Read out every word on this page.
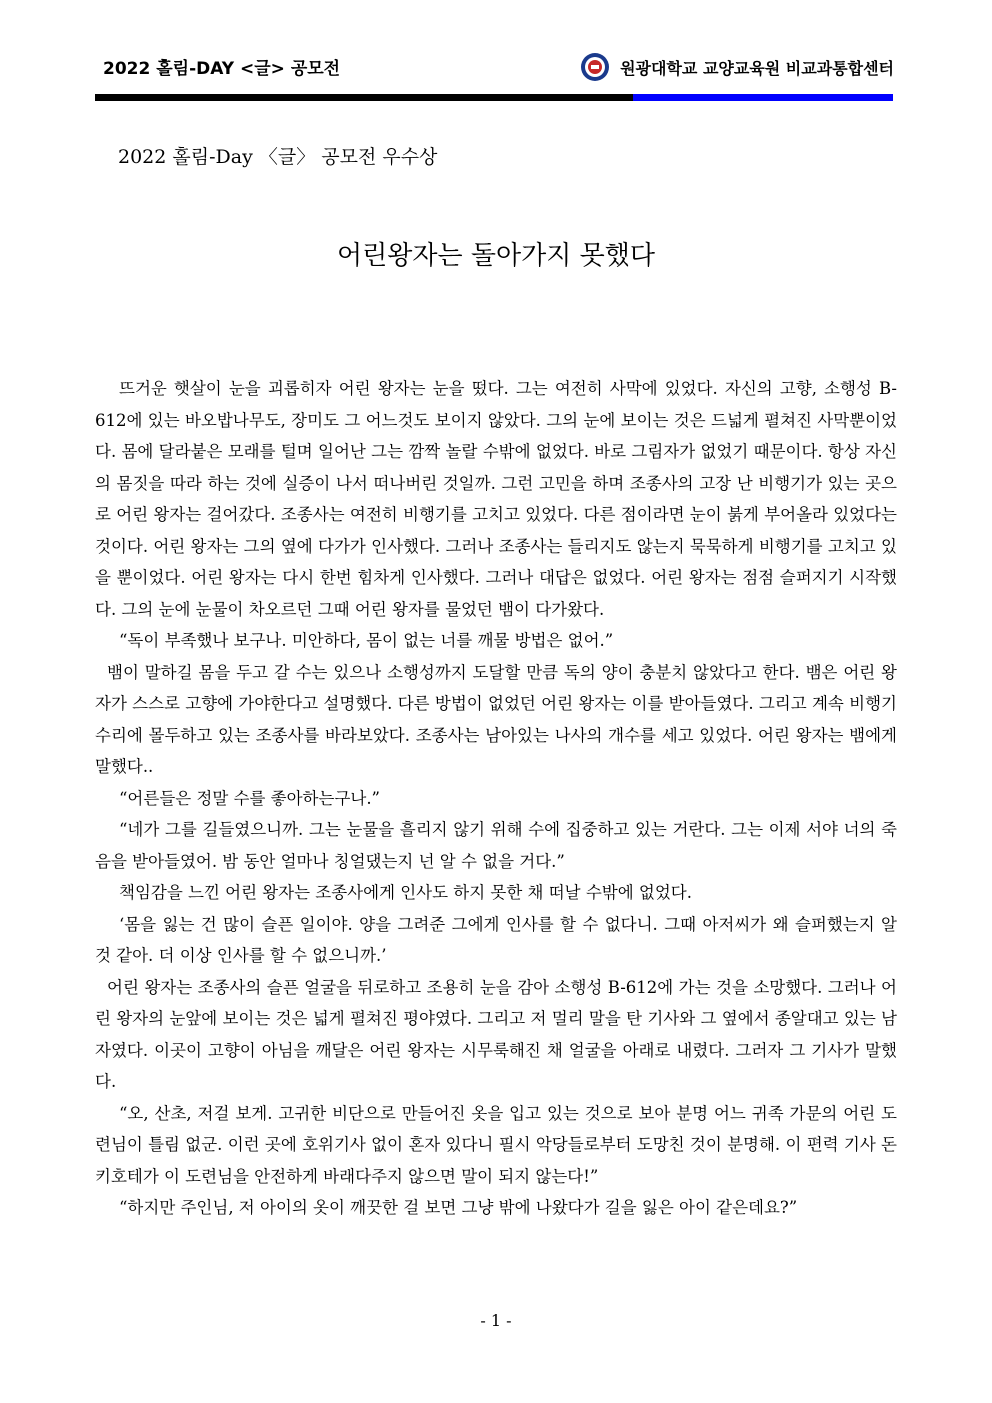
2022 홀림-DAY <글> 공모전	원광대학교 교양교육원 비교과통합센터
2022 홀림-Day 〈글〉 공모전 우수상
어린왕자는 돌아가지 못했다

뜨거운 햇살이 눈을 괴롭히자 어린 왕자는 눈을 떴다. 그는 여전히 사막에 있었다. 자신의 고향, 소행성 B-612에 있는 바오밥나무도, 장미도 그 어느것도 보이지 않았다. 그의 눈에 보이는 것은 드넓게 펼쳐진 사막뿐이었다. 몸에 달라붙은 모래를 털며 일어난 그는 깜짝 놀랄 수밖에 없었다. 바로 그림자가 없었기 때문이다. 항상 자신의 몸짓을 따라 하는 것에 실증이 나서 떠나버린 것일까. 그런 고민을 하며 조종사의 고장 난 비행기가 있는 곳으로 어린 왕자는 걸어갔다. 조종사는 여전히 비행기를 고치고 있었다. 다른 점이라면 눈이 붉게 부어올라 있었다는 것이다. 어린 왕자는 그의 옆에 다가가 인사했다. 그러나 조종사는 들리지도 않는지 묵묵하게 비행기를 고치고 있을 뿐이었다. 어린 왕자는 다시 한번 힘차게 인사했다. 그러나 대답은 없었다. 어린 왕자는 점점 슬퍼지기 시작했다. 그의 눈에 눈물이 차오르던 그때 어린 왕자를 물었던 뱀이 다가왔다.

“독이 부족했나 보구나. 미안하다, 몸이 없는 너를 깨물 방법은 없어.”

뱀이 말하길 몸을 두고 갈 수는 있으나 소행성까지 도달할 만큼 독의 양이 충분치 않았다고 한다. 뱀은 어린 왕자가 스스로 고향에 가야한다고 설명했다. 다른 방법이 없었던 어린 왕자는 이를 받아들였다. 그리고 계속 비행기 수리에 몰두하고 있는 조종사를 바라보았다. 조종사는 남아있는 나사의 개수를 세고 있었다. 어린 왕자는 뱀에게 말했다..

“어른들은 정말 수를 좋아하는구나.”

“네가 그를 길들였으니까. 그는 눈물을 흘리지 않기 위해 수에 집중하고 있는 거란다. 그는 이제 서야 너의 죽음을 받아들였어. 밤 동안 얼마나 칭얼댔는지 넌 알 수 없을 거다.”

책임감을 느낀 어린 왕자는 조종사에게 인사도 하지 못한 채 떠날 수밖에 없었다.

‘몸을 잃는 건 많이 슬픈 일이야. 양을 그려준 그에게 인사를 할 수 없다니. 그때 아저씨가 왜 슬퍼했는지 알 것 같아. 더 이상 인사를 할 수 없으니까.’

어린 왕자는 조종사의 슬픈 얼굴을 뒤로하고 조용히 눈을 감아 소행성 B-612에 가는 것을 소망했다. 그러나 어린 왕자의 눈앞에 보이는 것은 넓게 펼쳐진 평야였다. 그리고 저 멀리 말을 탄 기사와 그 옆에서 종알대고 있는 남자였다. 이곳이 고향이 아님을 깨달은 어린 왕자는 시무룩해진 채 얼굴을 아래로 내렸다. 그러자 그 기사가 말했다.

“오, 산초, 저걸 보게. 고귀한 비단으로 만들어진 옷을 입고 있는 것으로 보아 분명 어느 귀족 가문의 어린 도련님이 틀림 없군. 이런 곳에 호위기사 없이 혼자 있다니 필시 악당들로부터 도망친 것이 분명해. 이 편력 기사 돈키호테가 이 도련님을 안전하게 바래다주지 않으면 말이 되지 않는다!”

“하지만 주인님, 저 아이의 옷이 깨끗한 걸 보면 그냥 밖에 나왔다가 길을 잃은 아이 같은데요?”

- 1 -
